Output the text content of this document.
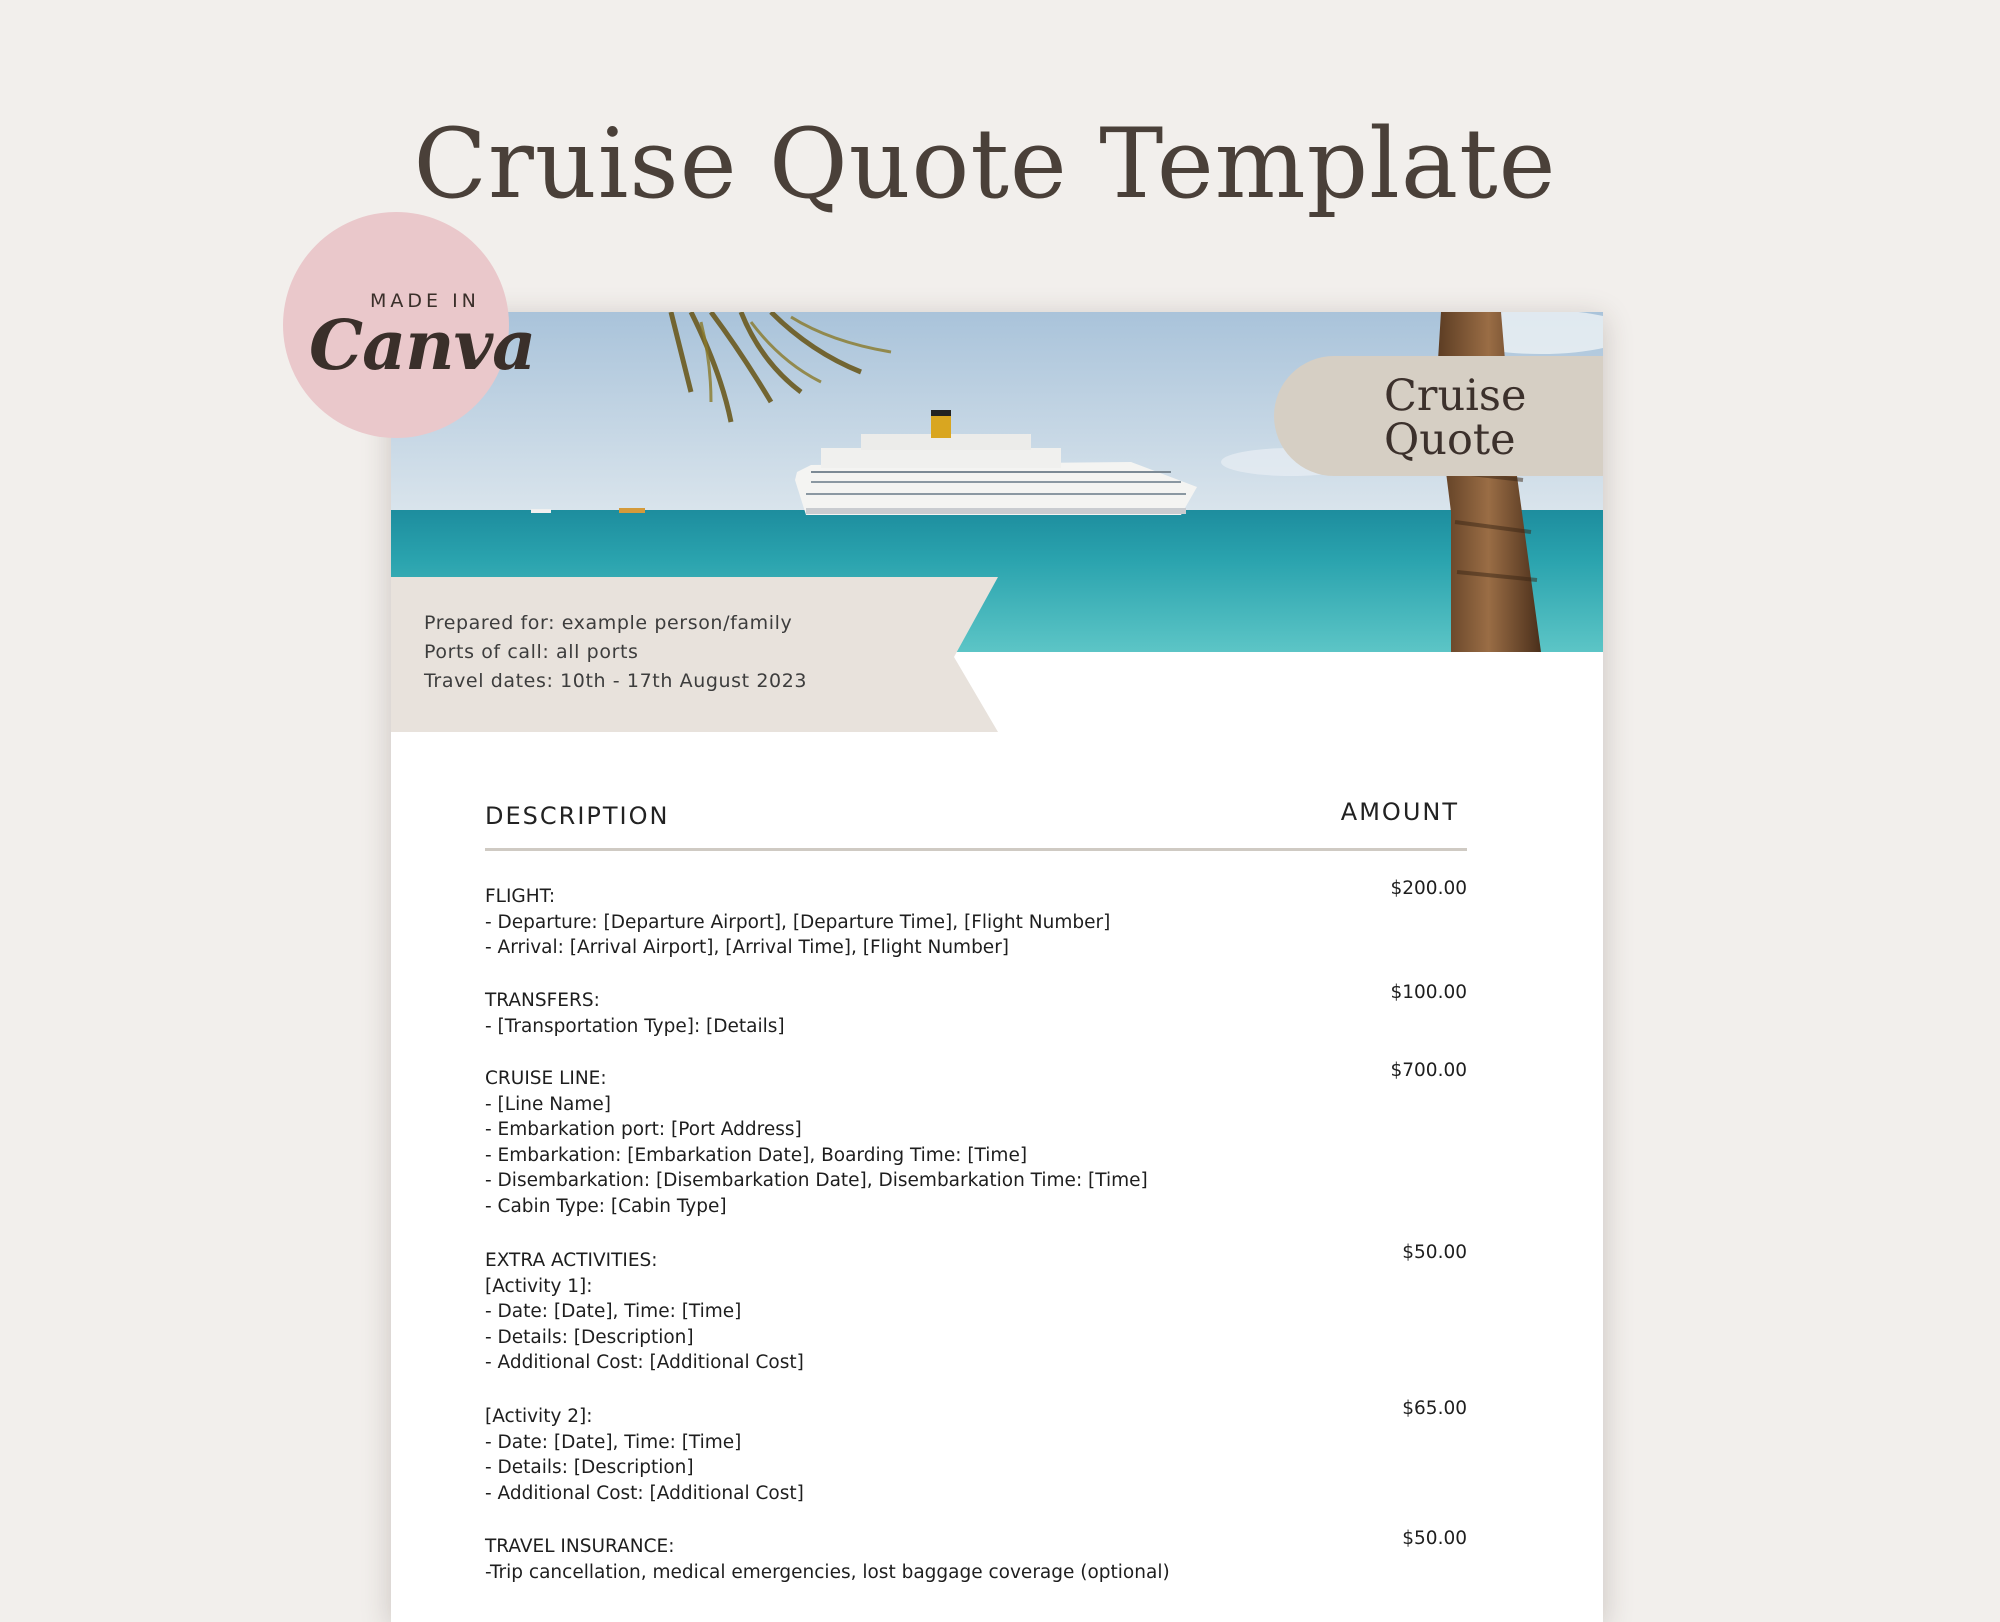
Cruise Quote Template
MADE IN
Canva
Cruise
Quote
Prepared for: example person/family
Ports of call: all ports
Travel dates: 10th - 17th August 2023
DESCRIPTION	AMOUNT
FLIGHT:
- Departure: [Departure Airport], [Departure Time], [Flight Number]
- Arrival: [Arrival Airport], [Arrival Time], [Flight Number]
$200.00
TRANSFERS:
- [Transportation Type]: [Details]
$100.00
CRUISE LINE:
- [Line Name]
- Embarkation port: [Port Address]
- Embarkation: [Embarkation Date], Boarding Time: [Time]
- Disembarkation: [Disembarkation Date], Disembarkation Time: [Time]
- Cabin Type: [Cabin Type]
$700.00
EXTRA ACTIVITIES:
[Activity 1]:
- Date: [Date], Time: [Time]
- Details: [Description]
- Additional Cost: [Additional Cost]
$50.00
[Activity 2]:
- Date: [Date], Time: [Time]
- Details: [Description]
- Additional Cost: [Additional Cost]
$65.00
TRAVEL INSURANCE:
-Trip cancellation, medical emergencies, lost baggage coverage (optional)
$50.00
